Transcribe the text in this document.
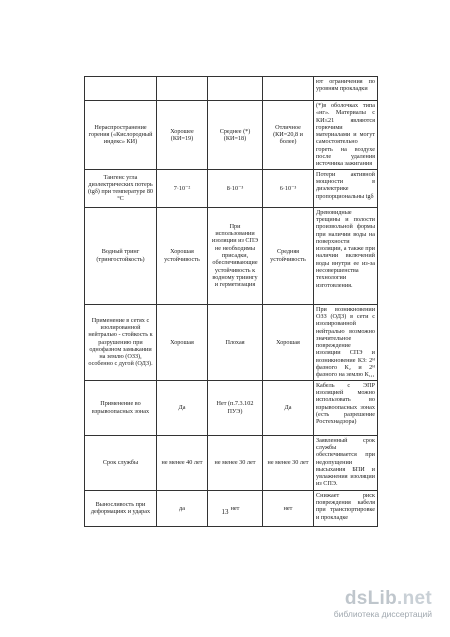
				ют ограничения по уровням прокладки
Нераспространение горения («Кислородный индекс» КИ)	Хорошее (КИ=19)	Среднее (*) (КИ=18)	Отличное (КИ=20,8 и более)	(*)в оболочках типа «нг». Материалы с КИ≤21 являются горючими материалами и могут самостоятельно гореть на воздухе после удаления источника зажигания
Тангенс угла диэлектрических потерь (tgδ) при температуре 80 °С	7·10⁻²	8·10⁻³	6·10⁻³	Потери активной мощности в диэлектрике пропорциональны tgδ
Водный тринг (трингостойкость)	Хорошая устойчивость	При использовании изоляции из СПЭ не необходимы присадки, обеспечивающие устойчивость к водному триингу и гермeтизация	Средняя устойчивость	Древовидные трещины и полости произвольной формы при наличии воды на поверхности изоляции, а также при наличии включений воды внутри ее из-за несовершенства технологии изготовления.
Применение в сетях с изолированной нейтралью - стойкость к разрушению при однофазном замыкании на землю (ОЗЗ), особенно с дугой (ОДЗ).	Хорошая	Плохая	Хорошая	При возникновении ОЗЗ (ОДЗ) в сети с изолированной нейтралью возможно значительное повреждение изоляции СПЭ и возникновение КЗ: 2ᴴ фазного К₂ и 2ᴴ фазного на землю К₁,₁
Применение во взрывоопасных зонах	Да	Нет (п.7.3.102 ПУЭ)	Да	Кабель с ЭПР изоляцией можно использовать во взрывоопасных зонах (есть разрешение Ростехнадзора)
Срок службы	не менее 40 лет	не менее 30 лет	не менее 30 лет	Заявленный срок службы обеспечивается при недопущении высыхания БПИ и увлажнения изоляции из СПЭ.
Выносливость при деформациях и ударах	да	нет	нет	Снижает риск повреждения кабеля при транспортировке и прокладке
13
dsLib.net
библиотека диссертаций
